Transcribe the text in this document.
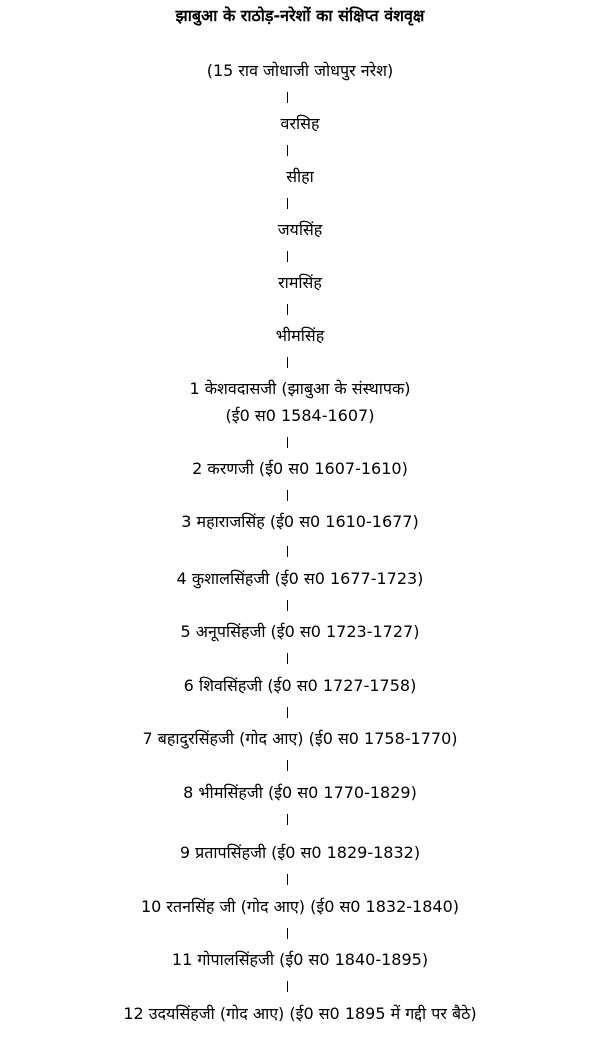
झाबुआ के राठोड़-नरेशों का संक्षिप्त वंशवृक्ष
(15 राव जोधाजी जोधपुर नरेश)
वरसिह
सीहा
जयसिंह
रामसिंह
भीमसिंह
1 केशवदासजी (झाबुआ के संस्थापक)
(ई0 स0 1584-1607)
2 करणजी (ई0 स0 1607-1610)
3 महाराजसिंह (ई0 स0 1610-1677)
4 कुशालसिंहजी (ई0 स0 1677-1723)
5 अनूपसिंहजी (ई0 स0 1723-1727)
6 शिवसिंहजी (ई0 स0 1727-1758)
7 बहादुरसिंहजी (गोद आए) (ई0 स0 1758-1770)
8 भीमसिंहजी (ई0 स0 1770-1829)
9 प्रतापसिंहजी (ई0 स0 1829-1832)
10 रतनसिंह जी (गोद आए) (ई0 स0 1832-1840)
11 गोपालसिंहजी (ई0 स0 1840-1895)
12 उदयसिंहजी (गोद आए) (ई0 स0 1895 में गद्दी पर बैठे)
